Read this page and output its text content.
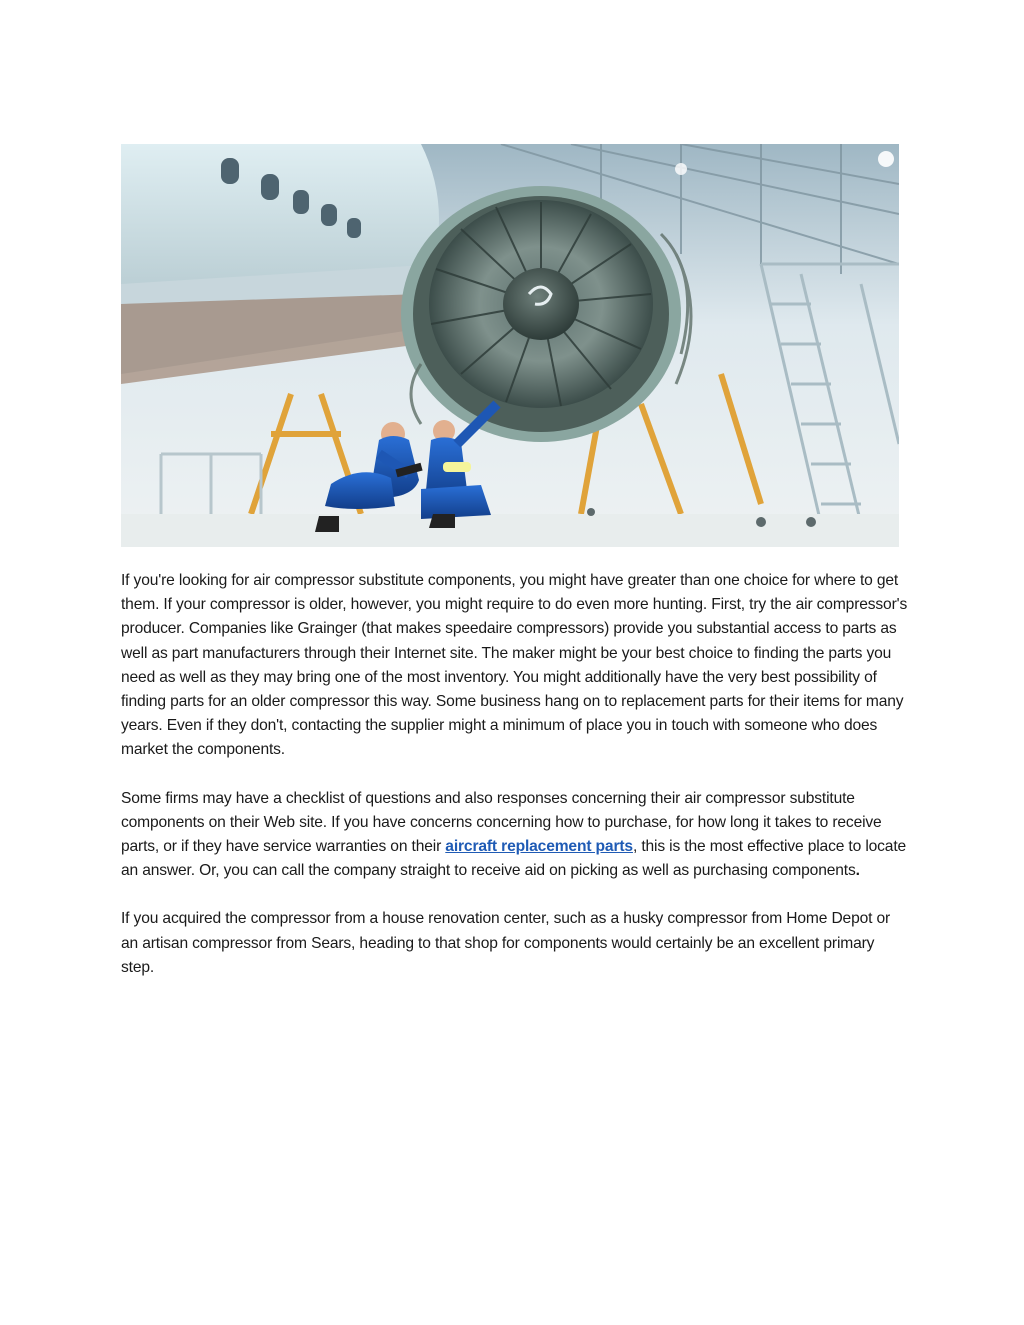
If you're looking for air compressor substitute components, you might have greater than one choice for where to get them. If your compressor is older, however, you might require to do even more hunting. First, try the air compressor's producer. Companies like Grainger (that makes speedaire compressors) provide you substantial access to parts as well as part manufacturers through their Internet site. The maker might be your best choice to finding the parts you need as well as they may bring one of the most inventory. You might additionally have the very best possibility of finding parts for an older compressor this way. Some business hang on to replacement parts for their items for many years. Even if they don't, contacting the supplier might a minimum of place you in touch with someone who does market the components.

Some firms may have a checklist of questions and also responses concerning their air compressor substitute components on their Web site. If you have concerns concerning how to purchase, for how long it takes to receive parts, or if they have service warranties on their aircraft replacement parts, this is the most effective place to locate an answer. Or, you can call the company straight to receive aid on picking as well as purchasing components.

If you acquired the compressor from a house renovation center, such as a husky compressor from Home Depot or an artisan compressor from Sears, heading to that shop for components would certainly be an excellent primary step.
